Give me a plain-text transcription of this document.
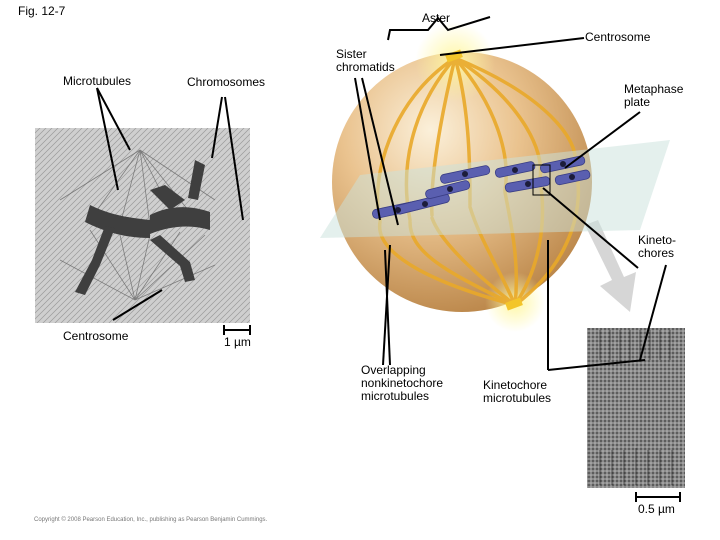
Fig. 12-7	Aster
Centrosome
Sister
chromatids
Microtubules	Chromosomes	Metaphase
plate
Kineto-
chores
Centrosome	1 µm
Overlapping
nonkinetochore
microtubules
Kinetochore
microtubules
0.5 µm
Copyright © 2008 Pearson Education, Inc., publishing as Pearson Benjamin Cummings.
